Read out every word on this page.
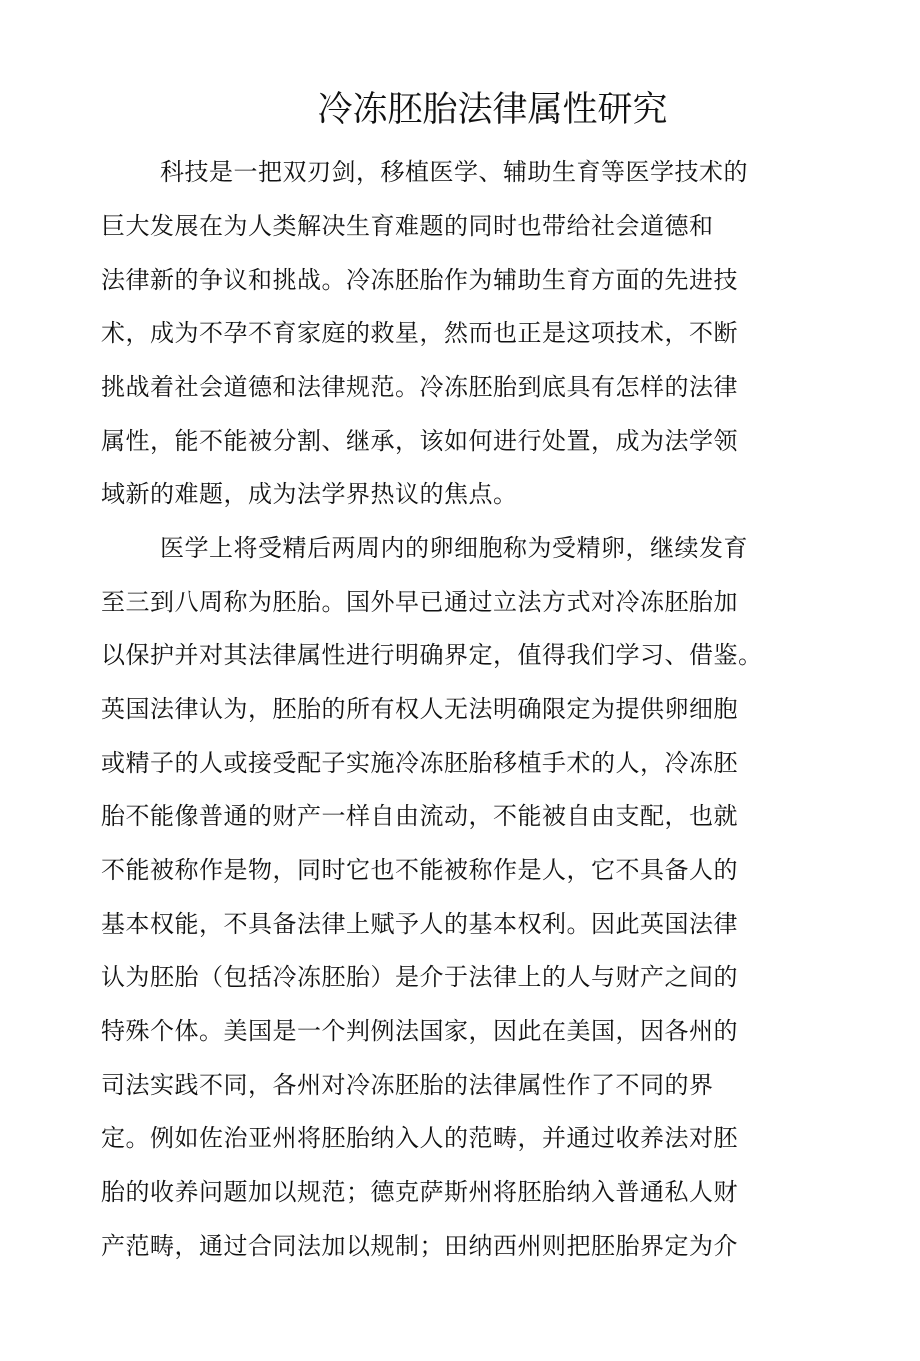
冷冻胚胎法律属性研究

科技是一把双刃剑，移植医学、辅助生育等医学技术的

巨大发展在为人类解决生育难题的同时也带给社会道德和

法律新的争议和挑战。冷冻胚胎作为辅助生育方面的先进技

术，成为不孕不育家庭的救星，然而也正是这项技术，不断

挑战着社会道德和法律规范。冷冻胚胎到底具有怎样的法律

属性，能不能被分割、继承，该如何进行处置，成为法学领

域新的难题，成为法学界热议的焦点。

医学上将受精后两周内的卵细胞称为受精卵，继续发育

至三到八周称为胚胎。国外早已通过立法方式对冷冻胚胎加

以保护并对其法律属性进行明确界定，值得我们学习、借鉴。

英国法律认为，胚胎的所有权人无法明确限定为提供卵细胞

或精子的人或接受配子实施冷冻胚胎移植手术的人，冷冻胚

胎不能像普通的财产一样自由流动，不能被自由支配，也就

不能被称作是物，同时它也不能被称作是人，它不具备人的

基本权能，不具备法律上赋予人的基本权利。因此英国法律

认为胚胎（包括冷冻胚胎）是介于法律上的人与财产之间的

特殊个体。美国是一个判例法国家，因此在美国，因各州的

司法实践不同，各州对冷冻胚胎的法律属性作了不同的界

定。例如佐治亚州将胚胎纳入人的范畴，并通过收养法对胚

胎的收养问题加以规范；德克萨斯州将胚胎纳入普通私人财

产范畴，通过合同法加以规制；田纳西州则把胚胎界定为介
